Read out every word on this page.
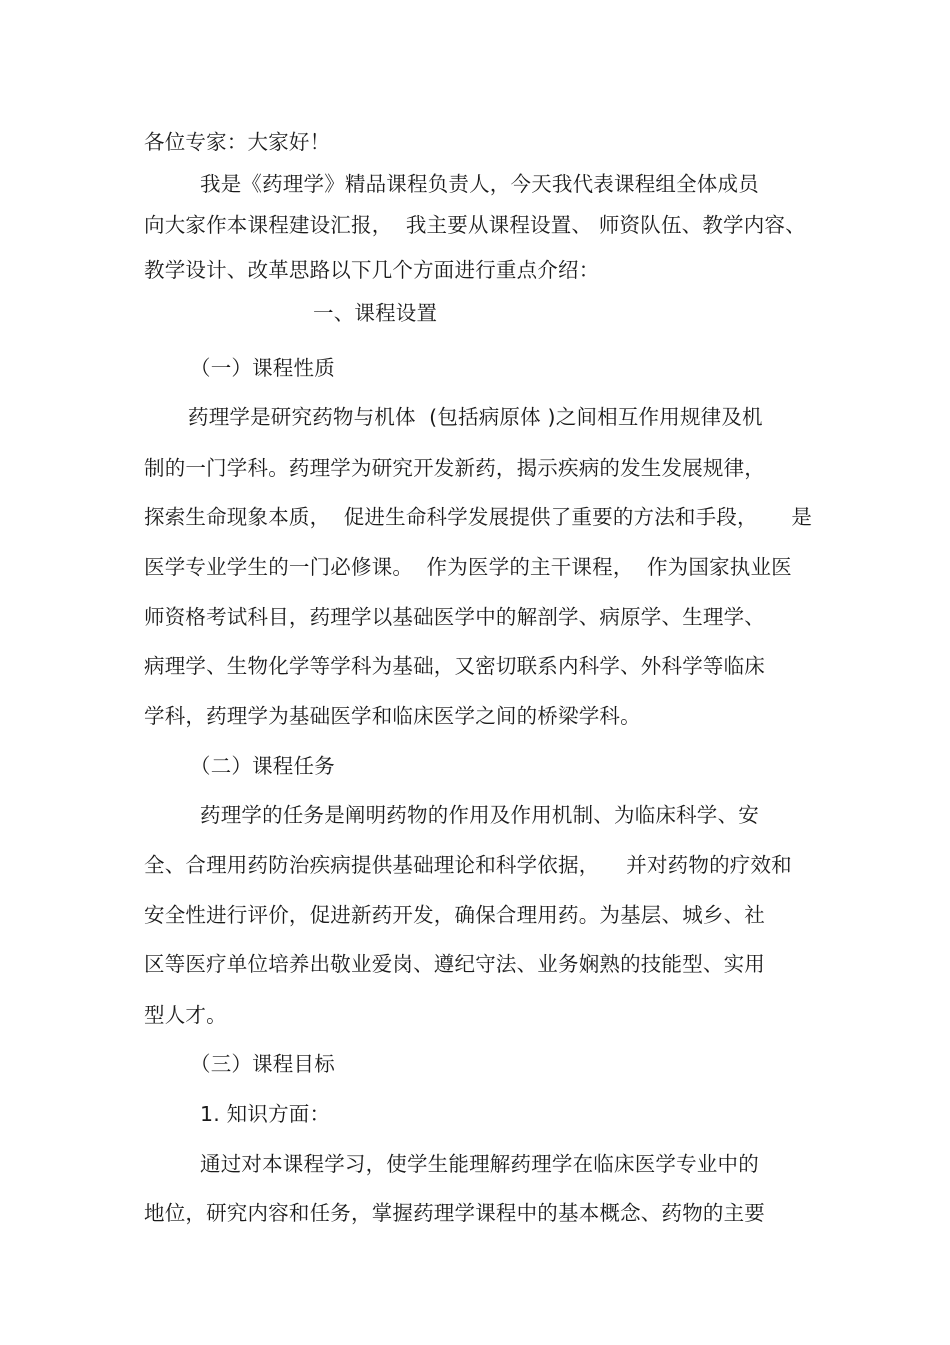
各位专家：大家好！
我是《药理学》精品课程负责人，今天我代表课程组全体成员
向大家作本课程建设汇报，  我主要从课程设置、 师资队伍、教学内容、
教学设计、改革思路以下几个方面进行重点介绍：
一、课程设置
（一）课程性质
药理学是研究药物与机体  (包括病原体 )之间相互作用规律及机
制的一门学科。药理学为研究开发新药，揭示疾病的发生发展规律，
探索生命现象本质，  促进生命科学发展提供了重要的方法和手段，     是
医学专业学生的一门必修课。  作为医学的主干课程，  作为国家执业医
师资格考试科目，药理学以基础医学中的解剖学、病原学、生理学、
病理学、生物化学等学科为基础，又密切联系内科学、外科学等临床
学科，药理学为基础医学和临床医学之间的桥梁学科。
（二）课程任务
药理学的任务是阐明药物的作用及作用机制、为临床科学、安
全、合理用药防治疾病提供基础理论和科学依据，    并对药物的疗效和
安全性进行评价，促进新药开发，确保合理用药。为基层、城乡、社
区等医疗单位培养出敬业爱岗、遵纪守法、业务娴熟的技能型、实用
型人才。
（三）课程目标
1. 知识方面：
通过对本课程学习，使学生能理解药理学在临床医学专业中的
地位，研究内容和任务，掌握药理学课程中的基本概念、药物的主要
